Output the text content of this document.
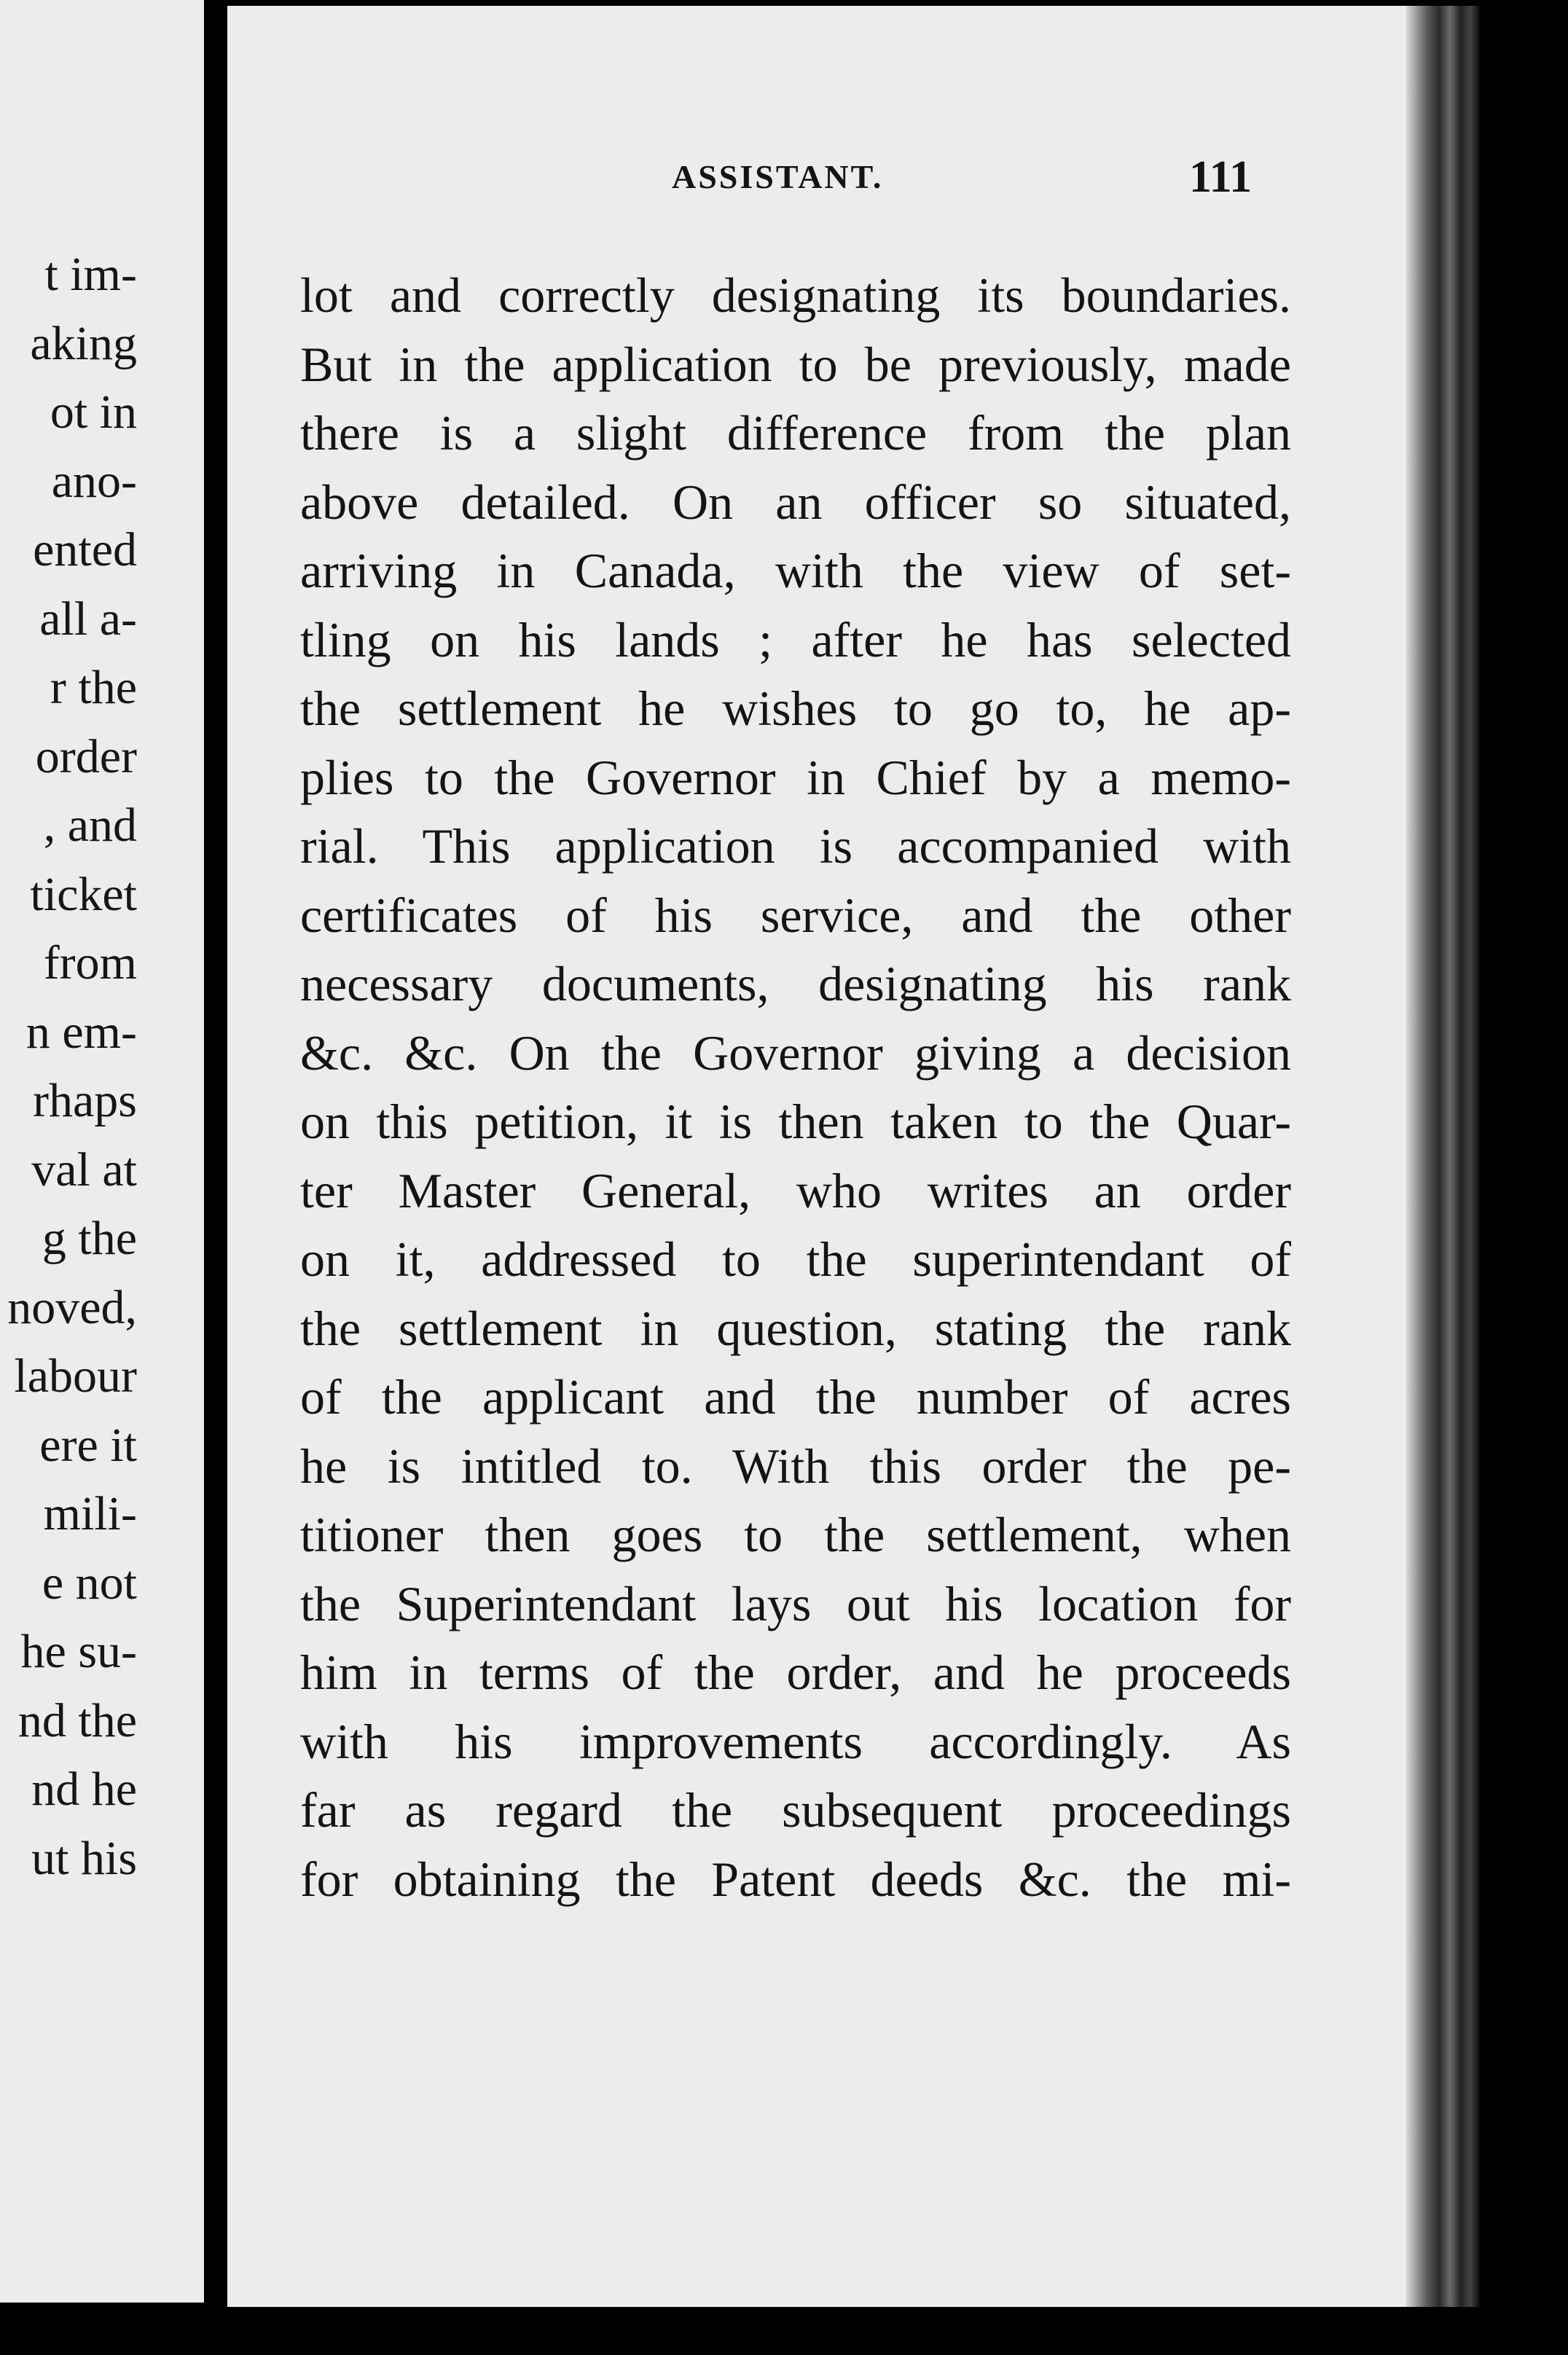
t im-
aking
ot in
ano-
ented
all a-
r the
order
, and
ticket
from
n em-
rhaps
val at
g the
noved,
labour
ere it
mili-
e not
he su-
nd the
nd he
ut his
ASSISTANT.	111
lot and correctly designating its boundaries.
But in the application to be previously, made
there is a slight difference from the plan
above detailed. On an officer so situated,
arriving in Canada, with the view of set-
tling on his lands ; after he has selected
the settlement he wishes to go to, he ap-
plies to the Governor in Chief by a memo-
rial. This application is accompanied with
certificates of his service, and the other
necessary documents, designating his rank
&c. &c. On the Governor giving a decision
on this petition, it is then taken to the Quar-
ter Master General, who writes an order
on it, addressed to the superintendant of
the settlement in question, stating the rank
of the applicant and the number of acres
he is intitled to. With this order the pe-
titioner then goes to the settlement, when
the Superintendant lays out his location for
him in terms of the order, and he proceeds
with his improvements accordingly. As
far as regard the subsequent proceedings
for obtaining the Patent deeds &c. the mi-
